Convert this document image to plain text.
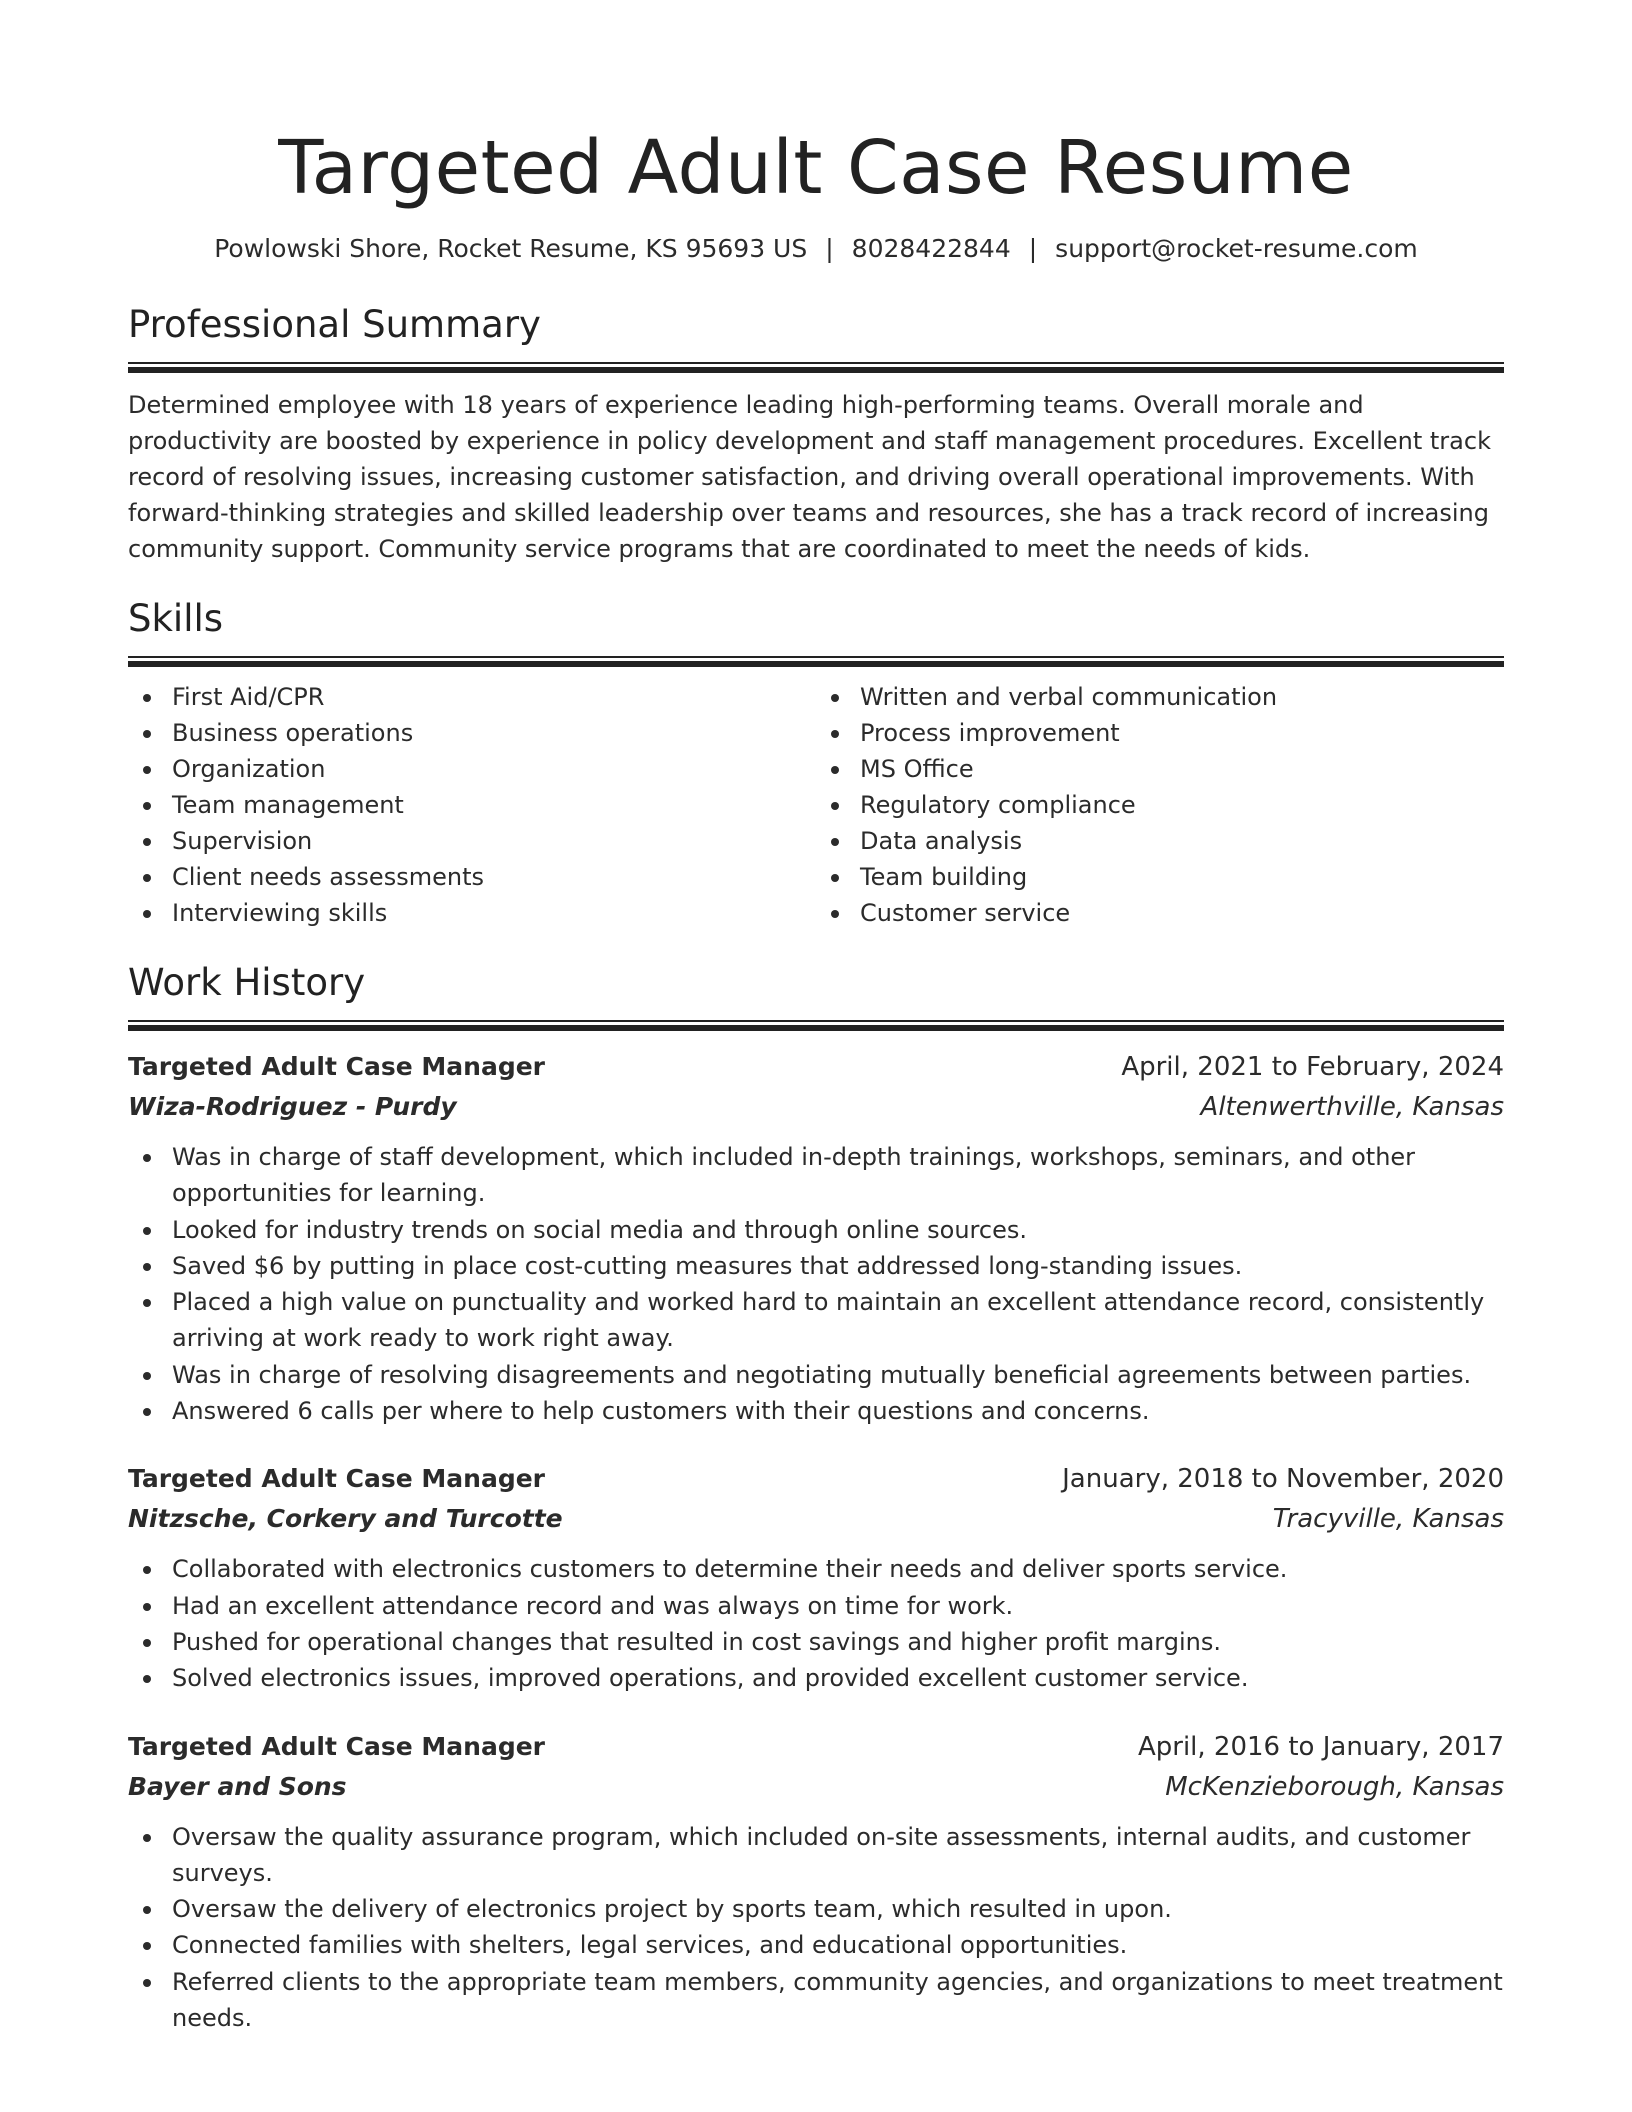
Targeted Adult Case Resume
Powlowski Shore, Rocket Resume, KS 95693 US | 8028422844 | support@rocket-resume.com
Professional Summary

Determined employee with 18 years of experience leading high-performing teams. Overall morale and productivity are boosted by experience in policy development and staff management procedures. Excellent track record of resolving issues, increasing customer satisfaction, and driving overall operational improvements. With forward-thinking strategies and skilled leadership over teams and resources, she has a track record of increasing community support. Community service programs that are coordinated to meet the needs of kids.

Skills
First Aid/CPR
Business operations
Organization
Team management
Supervision
Client needs assessments
Interviewing skills
Written and verbal communication
Process improvement
MS Office
Regulatory compliance
Data analysis
Team building
Customer service
Work History
Targeted Adult Case Manager	April, 2021 to February, 2024
Wiza-Rodriguez - Purdy	Altenwerthville, Kansas
Was in charge of staff development, which included in-depth trainings, workshops, seminars, and other opportunities for learning.
Looked for industry trends on social media and through online sources.
Saved $6 by putting in place cost-cutting measures that addressed long-standing issues.
Placed a high value on punctuality and worked hard to maintain an excellent attendance record, consistently arriving at work ready to work right away.
Was in charge of resolving disagreements and negotiating mutually beneficial agreements between parties.
Answered 6 calls per where to help customers with their questions and concerns.
Targeted Adult Case Manager	January, 2018 to November, 2020
Nitzsche, Corkery and Turcotte	Tracyville, Kansas
Collaborated with electronics customers to determine their needs and deliver sports service.
Had an excellent attendance record and was always on time for work.
Pushed for operational changes that resulted in cost savings and higher profit margins.
Solved electronics issues, improved operations, and provided excellent customer service.
Targeted Adult Case Manager	April, 2016 to January, 2017
Bayer and Sons	McKenzieborough, Kansas
Oversaw the quality assurance program, which included on-site assessments, internal audits, and customer surveys.
Oversaw the delivery of electronics project by sports team, which resulted in upon.
Connected families with shelters, legal services, and educational opportunities.
Referred clients to the appropriate team members, community agencies, and organizations to meet treatment needs.
